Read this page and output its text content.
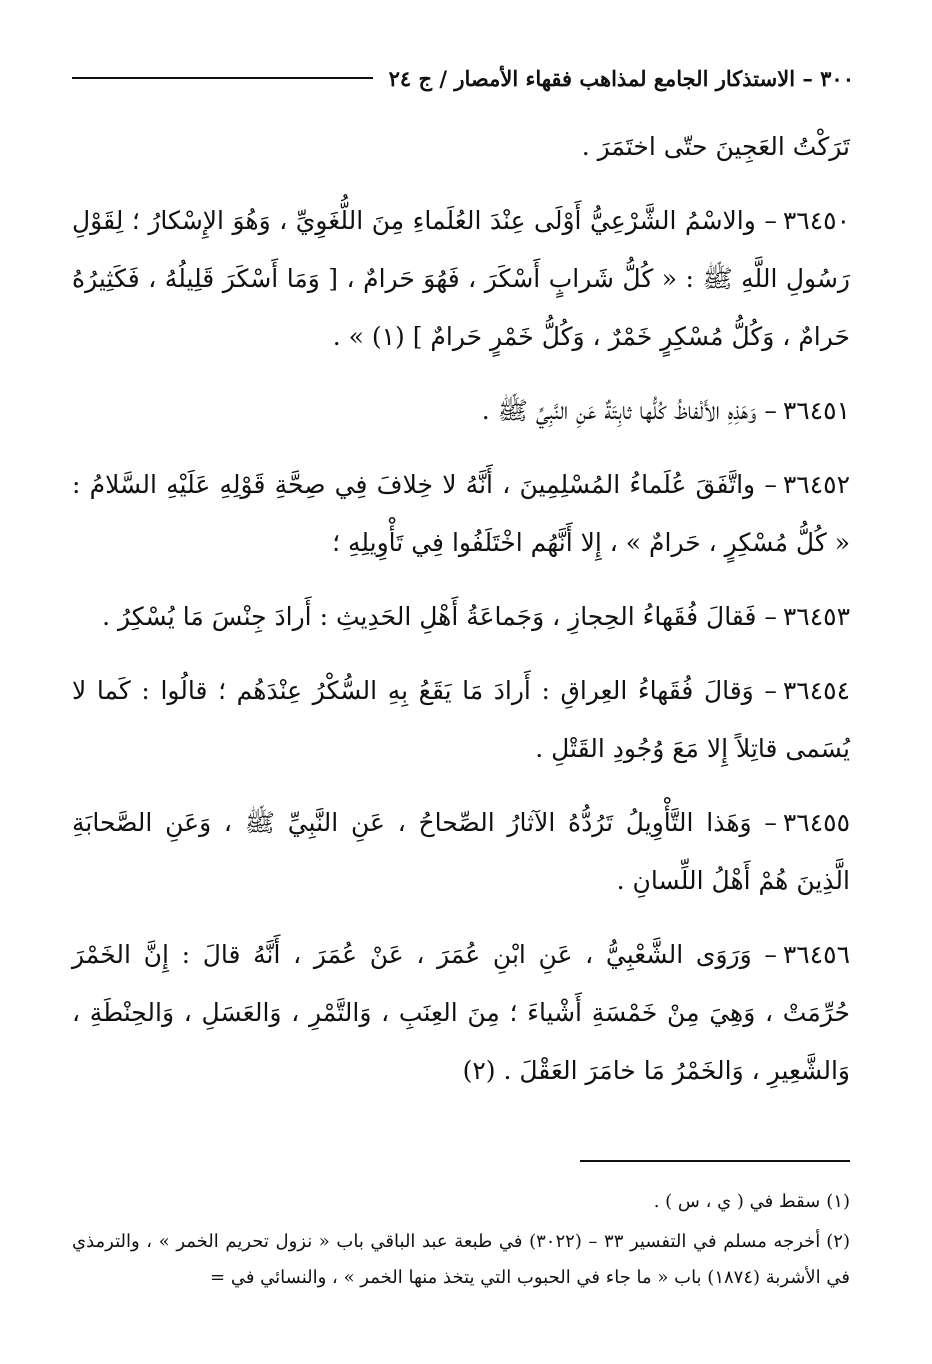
٣٠٠ – الاستذكار الجامع لمذاهب فقهاء الأمصار / ج ٢٤

تَرَكْتُ العَجِينَ حتّى اختَمَرَ .

٣٦٤٥٠– والاسْمُ الشَّرْعِيُّ أَوْلَى عِنْدَ العُلَماءِ مِنَ اللُّغَوِيِّ ، وَهُوَ الإِسْكارُ ؛ لِقَوْلِ رَسُولِ اللَّهِ ﷺ : « كُلُّ شَرابٍ أَسْكَرَ ، فَهُوَ حَرامٌ ، [ وَمَا أَسْكَرَ قَلِيلُهُ ، فَكَثِيرُهُ حَرامٌ ، وَكُلُّ مُسْكِرٍ خَمْرٌ ، وَكُلُّ خَمْرٍ حَرامٌ ] (١) » .

٣٦٤٥١– وَهَذِهِ الأَلْفاظُ كُلُّها ثابِتَةٌ عَنِ النَّبِيِّ ﷺ .

٣٦٤٥٢– واتَّفَقَ عُلَماءُ المُسْلِمِينَ ، أَنَّهُ لا خِلافَ فِي صِحَّةِ قَوْلِهِ عَلَيْهِ السَّلامُ : « كُلُّ مُسْكِرٍ ، حَرامٌ » ، إِلا أَنَّهُم اخْتَلَفُوا فِي تَأْوِيلِهِ ؛

٣٦٤٥٣– فَقالَ فُقَهاءُ الحِجازِ ، وَجَماعَةُ أَهْلِ الحَدِيثِ : أَرادَ جِنْسَ مَا يُسْكِرُ .

٣٦٤٥٤– وَقالَ فُقَهاءُ العِراقِ : أَرادَ مَا يَقَعُ بِهِ السُّكْرُ عِنْدَهُم ؛ قالُوا : كَما لا يُسَمى قاتِلاً إِلا مَعَ وُجُودِ القَتْلِ .

٣٦٤٥٥– وَهَذا التَّأْوِيلُ تَرُدُّهُ الآثارُ الصِّحاحُ ، عَنِ النَّبِيِّ ﷺ ، وَعَنِ الصَّحابَةِ الَّذِينَ هُمْ أَهْلُ اللِّسانِ .

٣٦٤٥٦– وَرَوَى الشَّعْبِيُّ ، عَنِ ابْنِ عُمَرَ ، عَنْ عُمَرَ ، أَنَّهُ قالَ : إِنَّ الخَمْرَ حُرِّمَتْ ، وَهِيَ مِنْ خَمْسَةِ أَشْياءَ ؛ مِنَ العِنَبِ ، وَالتَّمْرِ ، وَالعَسَلِ ، وَالحِنْطَةِ ، وَالشَّعِيرِ ، وَالخَمْرُ مَا خامَرَ العَقْلَ . (٢)

(١)سقط في ( ي ، س ) .

(٢)أخرجه مسلم في التفسير ٣٣ – (٣٠٢٢) في طبعة عبد الباقي باب « نزول تحريم الخمر » ، والترمذي في الأشربة (١٨٧٤) باب « ما جاء في الحبوب التي يتخذ منها الخمر » ، والنسائي في =
